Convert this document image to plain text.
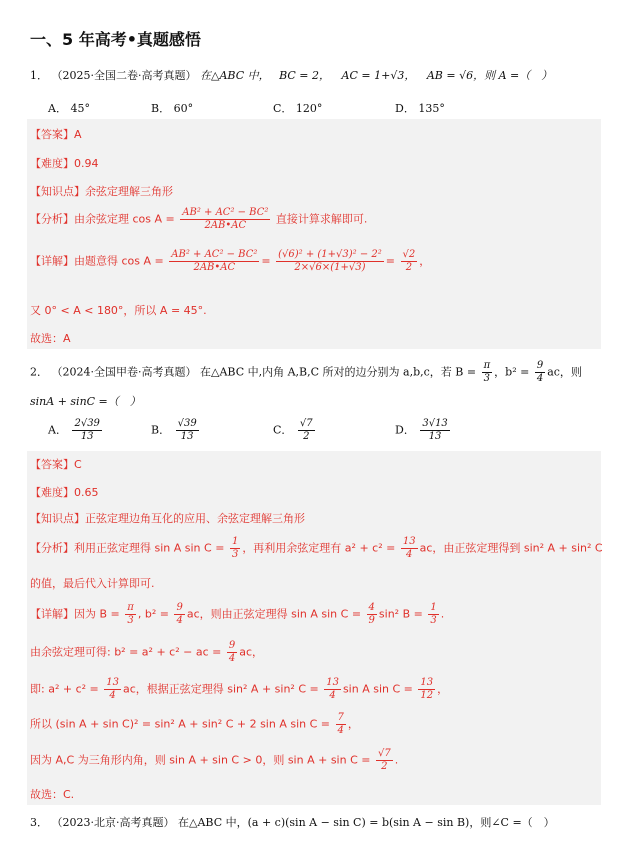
一、5 年高考•真题感悟
1． （2025·全国二卷·高考真题） 在△ABC 中， BC = 2， AC = 1+√3， AB = √6，则 A =（　）
A． 45°	B． 60°	C． 120°	D． 135°
【答案】A
【难度】0.94
【知识点】余弦定理解三角形
【分析】由余弦定理 $\cos A = \frac{\text{AB² + AC² − BC²}}{2AB•AC}$ 直接计算求解即可.
【详解】由题意得 $\cos A = \frac{\text{AB² + AC² − BC²}}{2AB•AC} = \frac{\text{(√6)² + (1+√3)² − 2²}}{2\times√6\times(1+√3)} = \frac{√2}{2}$ ，
又 0° < A < 180°，所以 A = 45°.
故选：A
2． （2024·全国甲卷·高考真题） 在△ABC 中,内角 A,B,C 所对的边分别为 a,b,c，若 $B = \frac{\pi}{3}$ ，$b^2 = \frac{9}{4}$ ac，则
sinA + sinC =（　）
A． $\frac{2√39}{13}$	B． $\frac{√39}{13}$	C． $\frac{√7}{2}$	D． $\frac{3√13}{13}$
【答案】C
【难度】0.65
【知识点】正弦定理边角互化的应用、余弦定理解三角形
【分析】利用正弦定理得 sin A $\sin C = \frac{1}{3}$ ，再利用余弦定理有 $a^2 + c^2 = \frac{13}{4}$ ac，由正弦定理得到 sin² A + sin² C
的值，最后代入计算即可.
【详解】因为 $B = \frac{\pi}{3}$ , $b^2 = \frac{9}{4}$ ac，则由正弦定理得 sin A $\sin C = \frac{4}{9} \sin^2$ $B = \frac{1}{3}$ .
由余弦定理可得: b² = a² + c² − ac = $\frac{9}{4}$ ac，
即: $a^2 + c^2 = \frac{13}{4}$ ac，根据正弦定理得 sin² A + sin² $C = \frac{13}{4}$ sin A $\sin C = \frac{13}{12}$ ，
所以 (sin A + sin C)² = sin² A + sin² C + 2 sin A $\sin C = \frac{7}{4}$ ，
因为 A,C 为三角形内角，则 sin A + sin C > 0，则 $\sin A + \sin C = \frac{√7}{2}$ .
故选：C.
3． （2023·北京·高考真题） 在△ABC 中，(a + c)(sin A − sin C) = b(sin A − sin B)，则∠C =（　）
